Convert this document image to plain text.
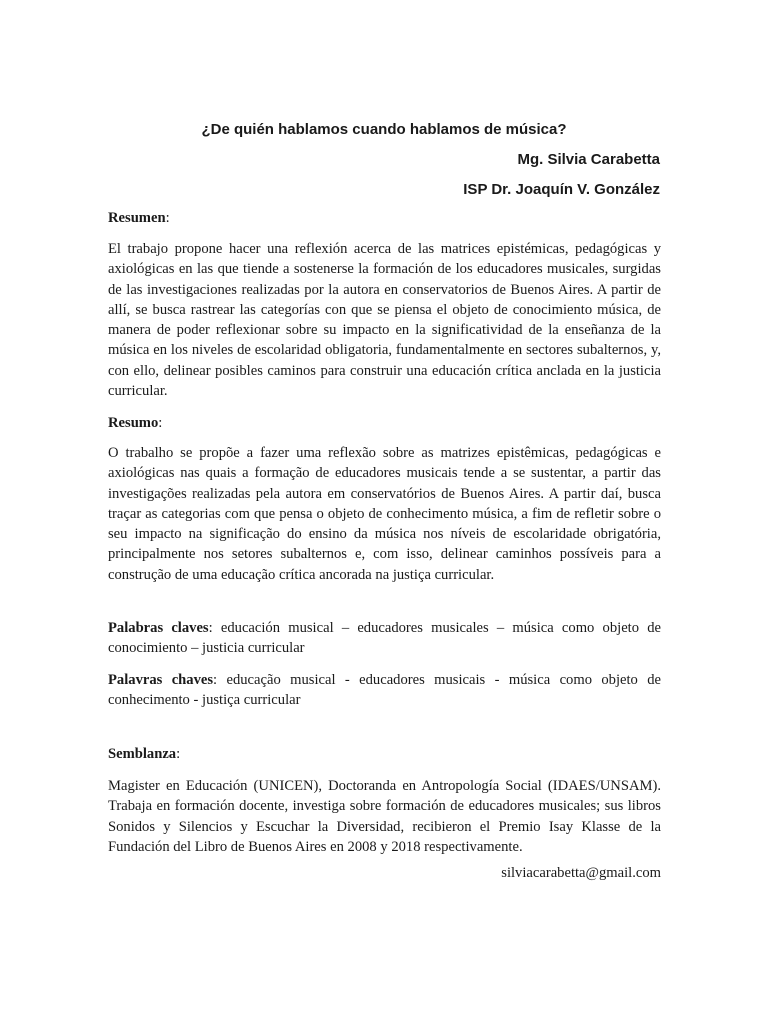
¿De quién hablamos cuando hablamos de música?

Mg. Silvia Carabetta

ISP Dr. Joaquín V. González

Resumen:

El trabajo propone hacer una reflexión acerca de las matrices epistémicas, pedagógicas y axiológicas en las que tiende a sostenerse la formación de los educadores musicales, surgidas de las investigaciones realizadas por la autora en conservatorios de Buenos Aires. A partir de allí, se busca rastrear las categorías con que se piensa el objeto de conocimiento música, de manera de poder reflexionar sobre su impacto en la significatividad de la enseñanza de la música en los niveles de escolaridad obligatoria, fundamentalmente en sectores subalternos, y, con ello, delinear posibles caminos para construir una educación crítica anclada en la justicia curricular.

Resumo:

O trabalho se propõe a fazer uma reflexão sobre as matrizes epistêmicas, pedagógicas e axiológicas nas quais a formação de educadores musicais tende a se sustentar, a partir das investigações realizadas pela autora em conservatórios de Buenos Aires. A partir daí, busca traçar as categorias com que pensa o objeto de conhecimento música, a fim de refletir sobre o seu impacto na significação do ensino da música nos níveis de escolaridade obrigatória, principalmente nos setores subalternos e, com isso, delinear caminhos possíveis para a construção de uma educação crítica ancorada na justiça curricular.

Palabras claves: educación musical – educadores musicales – música como objeto de conocimiento – justicia curricular

Palavras chaves: educação musical - educadores musicais - música como objeto de conhecimento - justiça curricular

Semblanza:

Magister en Educación (UNICEN), Doctoranda en Antropología Social (IDAES/UNSAM). Trabaja en formación docente, investiga sobre formación de educadores musicales; sus libros Sonidos y Silencios y Escuchar la Diversidad, recibieron el Premio Isay Klasse de la Fundación del Libro de Buenos Aires en 2008 y 2018 respectivamente.

silviacarabetta@gmail.com
